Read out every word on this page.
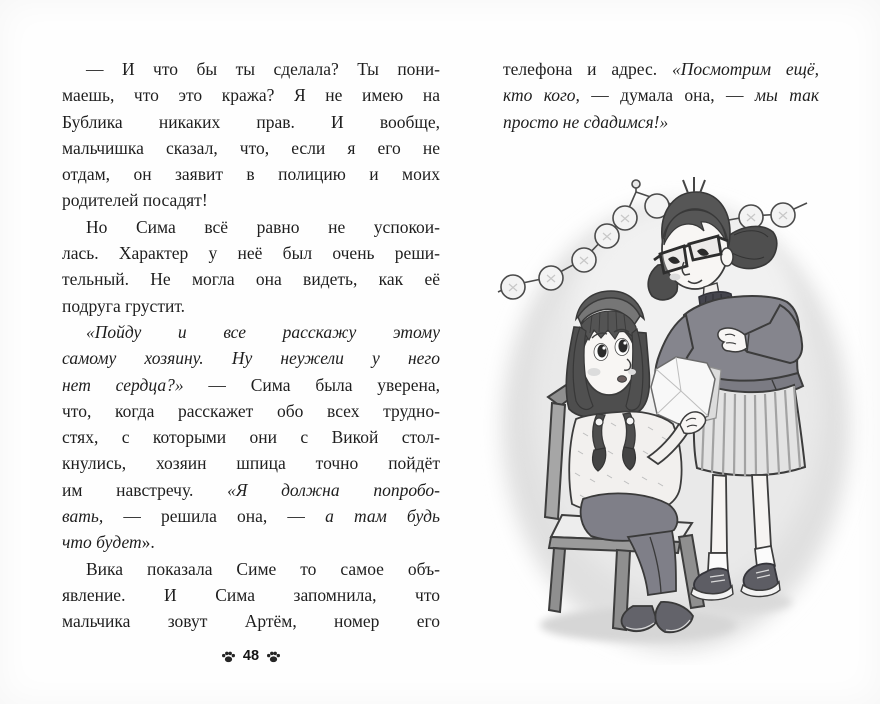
— И что бы ты сделала? Ты пони-
маешь, что это кража? Я не имею на
Бублика никаких прав. И вообще,
мальчишка сказал, что, если я его не
отдам, он заявит в полицию и моих
родителей посадят!
Но Сима всё равно не успокои-
лась. Характер у неё был очень реши-
тельный. Не могла она видеть, как её
подруга грустит.
«Пойду и все расскажу этому
самому хозяину. Ну неужели у него
нет сердца?» — Сима была уверена,
что, когда расскажет обо всех трудно-
стях, с которыми они с Викой стол-
кнулись, хозяин шпица точно пойдёт
им навстречу. «Я должна попробо-
вать, — решила она, — а там будь
что будет».
Вика показала Симе то самое объ-
явление. И Сима запомнила, что
мальчика зовут Артём, номер его
телефона и адрес. «Посмотрим ещё,
кто кого, — думала она, — мы так
просто не сдадимся!»
48
